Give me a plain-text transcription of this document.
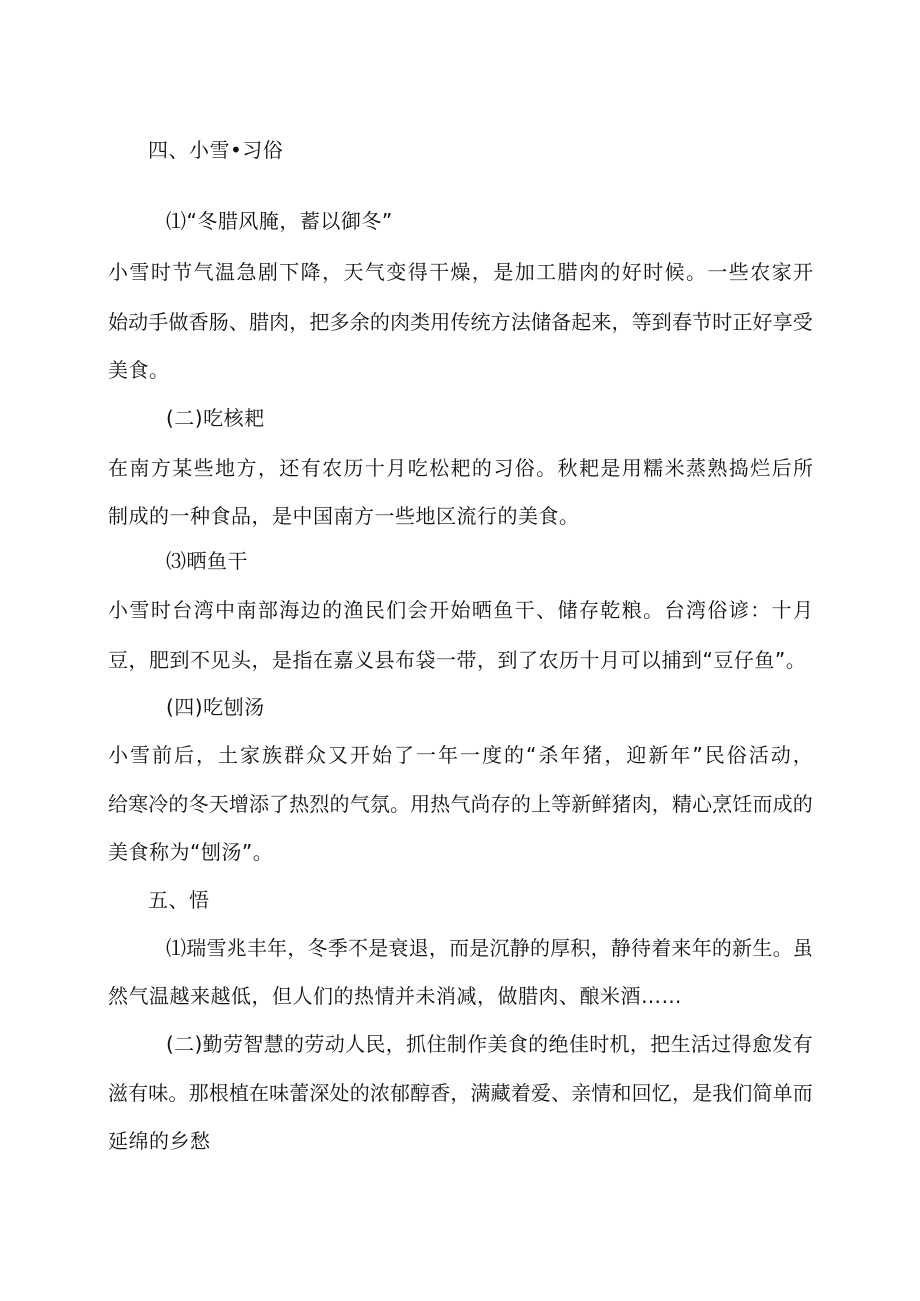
四、小雪•习俗
⑴“冬腊风腌，蓄以御冬”
小 雪 时 节 气 温 急 剧 下 降 ， 天 气 变 得 干 燥 ， 是 加 工 腊 肉 的 好 时 候 。 一 些 农 家 开
始 动 手 做 香 肠 、 腊 肉 ， 把 多 余 的 肉 类 用 传 统 方 法 储 备 起 来 ， 等 到 春 节 时 正 好 享 受
美食。
(二)吃核耙
在 南 方 某 些 地 方 ， 还 有 农 历 十 月 吃 松 耙 的 习 俗 。 秋 耙 是 用 糯 米 蒸 熟 捣 烂 后 所
制成的一种食品，是中国南方一些地区流行的美食。
⑶晒鱼干
小 雪 时 台 湾 中 南 部 海 边 的 渔 民 们 会 开 始 晒 鱼 干 、 储 存 乾 粮 。 台 湾 俗 谚 ： 十 月
豆，肥到不见头，是指在嘉义县布袋一带，到了农历十月可以捕到“豆仔鱼”。
(四)吃刨汤
小 雪 前 后 ， 土 家 族 群 众 又 开 始 了 一 年 一 度 的 “ 杀 年 猪 ， 迎 新 年 ” 民 俗 活 动 ，
给 寒 冷 的 冬 天 增 添 了 热 烈 的 气 氛 。 用 热 气 尚 存 的 上 等 新 鲜 猪 肉 ， 精 心 烹 饪 而 成 的
美食称为“刨汤”。
五、悟
⑴ 瑞 雪 兆 丰 年 ， 冬 季 不 是 衰 退 ， 而 是 沉 静 的 厚 积 ， 静 待 着 来 年 的 新 生 。 虽
然气温越来越低，但人们的热情并未消减，做腊肉、酿米酒……
( 二 ) 勤 劳 智 慧 的 劳 动 人 民 ， 抓 住 制 作 美 食 的 绝 佳 时 机 ， 把 生 活 过 得 愈 发 有
滋 有 味 。 那 根 植 在 味 蕾 深 处 的 浓 郁 醇 香 ， 满 藏 着 爱 、 亲 情 和 回 忆 ， 是 我 们 简 单 而
延绵的乡愁
